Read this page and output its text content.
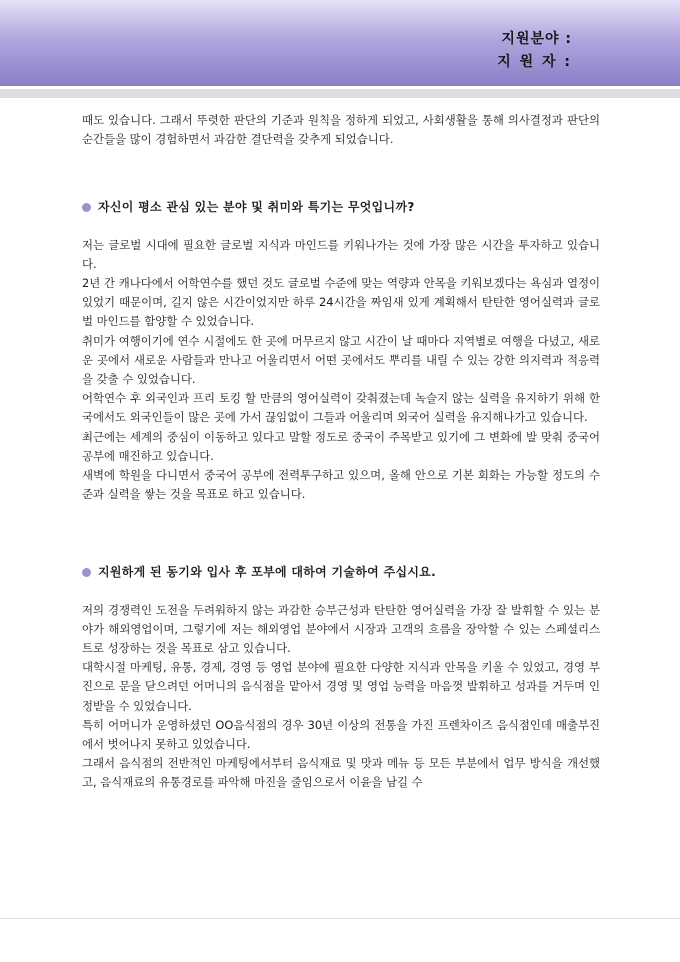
지원분야 :
지 원 자 :

때도 있습니다. 그래서 뚜렷한 판단의 기준과 원칙을 정하게 되었고, 사회생활을 통해 의사결정과 판단의 순간들을 많이 경험하면서 과감한 결단력을 갖추게 되었습니다.

자신이 평소 관심 있는 분야 및 취미와 특기는 무엇입니까?

저는 글로벌 시대에 필요한 글로벌 지식과 마인드를 키워나가는 것에 가장 많은 시간을 투자하고 있습니다.

2년 간 캐나다에서 어학연수를 했던 것도 글로벌 수준에 맞는 역량과 안목을 키워보겠다는 욕심과 열정이 있었기 때문이며, 길지 않은 시간이었지만 하루 24시간을 짜임새 있게 계획해서 탄탄한 영어실력과 글로벌 마인드를 함양할 수 있었습니다.

취미가 여행이기에 연수 시절에도 한 곳에 머무르지 않고 시간이 날 때마다 지역별로 여행을 다녔고, 새로운 곳에서 새로운 사람들과 만나고 어울리면서 어떤 곳에서도 뿌리를 내릴 수 있는 강한 의지력과 적응력을 갖출 수 있었습니다.

어학연수 후 외국인과 프리 토킹 할 만큼의 영어실력이 갖춰졌는데 녹슬지 않는 실력을 유지하기 위해 한국에서도 외국인들이 많은 곳에 가서 끊임없이 그들과 어울리며 외국어 실력을 유지해나가고 있습니다.

최근에는 세계의 중심이 이동하고 있다고 말할 정도로 중국이 주목받고 있기에 그 변화에 발 맞춰 중국어 공부에 매진하고 있습니다.

새벽에 학원을 다니면서 중국어 공부에 전력투구하고 있으며, 올해 안으로 기본 회화는 가능할 정도의 수준과 실력을 쌓는 것을 목표로 하고 있습니다.

지원하게 된 동기와 입사 후 포부에 대하여 기술하여 주십시요.

저의 경쟁력인 도전을 두려워하지 않는 과감한 승부근성과 탄탄한 영어실력을 가장 잘 발휘할 수 있는 분야가 해외영업이며, 그렇기에 저는 해외영업 분야에서 시장과 고객의 흐름을 장악할 수 있는 스페셜리스트로 성장하는 것을 목표로 삼고 있습니다.

대학시절 마케팅, 유통, 경제, 경영 등 영업 분야에 필요한 다양한 지식과 안목을 키울 수 있었고, 경영 부진으로 문을 닫으려던 어머니의 음식점을 맡아서 경영 및 영업 능력을 마음껏 발휘하고 성과를 거두며 인정받을 수 있었습니다.

특히 어머니가 운영하셨던 OO음식점의 경우 30년 이상의 전통을 가진 프렌차이즈 음식점인데 매출부진에서 벗어나지 못하고 있었습니다.

그래서 음식점의 전반적인 마케팅에서부터 음식재료 및 맛과 메뉴 등 모든 부분에서 업무 방식을 개선했고, 음식재료의 유통경로를 파악해 마진을 줄임으로서 이윤을 남길 수
